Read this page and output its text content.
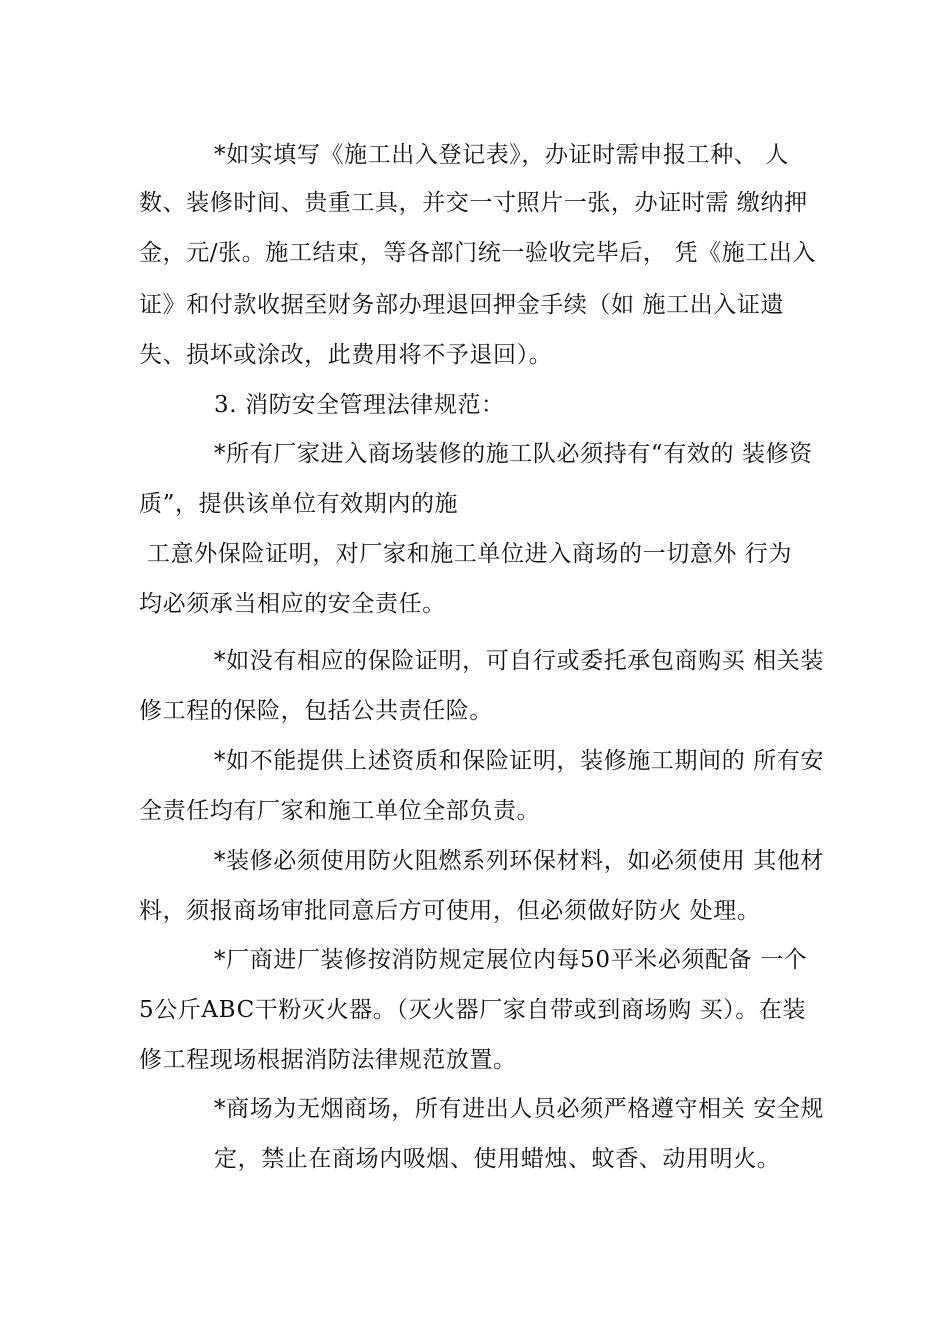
*如实填写《施工出入登记表》，办证时需申报工种、 人
数、装修时间、贵重工具，并交一寸照片一张，办证时需 缴纳押
金，元/张。施工结束，等各部门统一验收完毕后， 凭《施工出入
证》和付款收据至财务部办理退回押金手续（如 施工出入证遗
失、损坏或涂改，此费用将不予退回）。
3. 消防安全管理法律规范：
*所有厂家进入商场装修的施工队必须持有“有效的 装修资
质”，提供该单位有效期内的施
工意外保险证明，对厂家和施工单位进入商场的一切意外 行为
均必须承当相应的安全责任。
*如没有相应的保险证明，可自行或委托承包商购买 相关装
修工程的保险，包括公共责任险。
*如不能提供上述资质和保险证明，装修施工期间的 所有安
全责任均有厂家和施工单位全部负责。
*装修必须使用防火阻燃系列环保材料，如必须使用 其他材
料，须报商场审批同意后方可使用，但必须做好防火 处理。
*厂商进厂装修按消防规定展位内每50平米必须配备 一个
5公斤ABC干粉灭火器。（灭火器厂家自带或到商场购 买）。在装
修工程现场根据消防法律规范放置。
*商场为无烟商场，所有进出人员必须严格遵守相关 安全规
定，禁止在商场内吸烟、使用蜡烛、蚊香、动用明火。
